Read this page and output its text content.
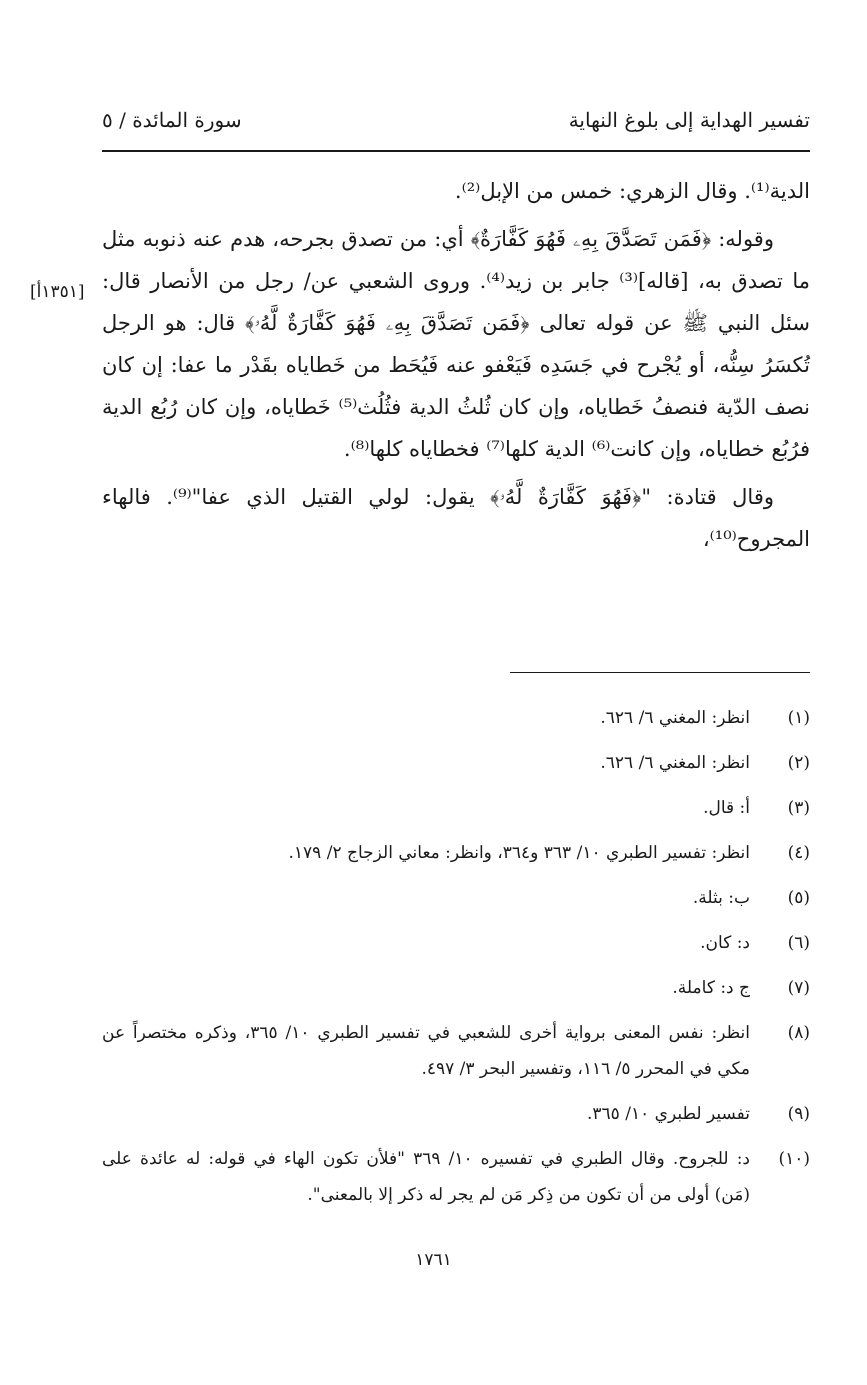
تفسير الهداية إلى بلوغ النهاية
سورة المائدة / ٥

الدية⁽¹⁾. وقال الزهري: خمس من الإبل⁽²⁾.

وقوله: ﴿فَمَن تَصَدَّقَ بِهِۦ فَهُوَ كَفَّارَةٌ﴾ أي: من تصدق بجرحه، هدم عنه ذنوبه مثل ما تصدق به، [قاله]⁽³⁾ جابر بن زيد⁽⁴⁾. وروى الشعبي عن/ رجل من الأنصار قال: سئل النبي ﷺ عن قوله تعالى ﴿فَمَن تَصَدَّقَ بِهِۦ فَهُوَ كَفَّارَةٌ لَّهُۥ﴾ قال: هو الرجل تُكسَرُ سِنُّه، أو يُجْرح في جَسَدِه فَيَعْفو عنه فَيُحَط من خَطاياه بقَدْر ما عفا: إن كان نصف الدّية فنصفُ خَطاياه، وإن كان ثُلثُ الدية فثُلُث⁽⁵⁾ خَطاياه، وإن كان رُبُع الدية فرُبُع خطاياه، وإن كانت⁽⁶⁾ الدية كلها⁽⁷⁾ فخطاياه كلها⁽⁸⁾.

وقال قتادة: "﴿فَهُوَ كَفَّارَةٌ لَّهُۥ﴾ يقول: لولي القتيل الذي عفا"⁽⁹⁾. فالهاء المجروح⁽¹⁰⁾،

[١٣٥١أ]
(١)
انظر: المغني ٦/ ٦٢٦.
(٢)
انظر: المغني ٦/ ٦٢٦.
(٣)
أ: قال.
(٤)
انظر: تفسير الطبري ١٠/ ٣٦٣ و٣٦٤، وانظر: معاني الزجاج ٢/ ١٧٩.
(٥)
ب: بثلة.
(٦)
د: كان.
(٧)
ج د: كاملة.
(٨)
انظر: نفس المعنى برواية أخرى للشعبي في تفسير الطبري ١٠/ ٣٦٥، وذكره مختصراً عن مكي في المحرر ٥/ ١١٦، وتفسير البحر ٣/ ٤٩٧.
(٩)
تفسير لطبري ١٠/ ٣٦٥.
(١٠)
د: للجروح. وقال الطبري في تفسيره ١٠/ ٣٦٩ "فلأن تكون الهاء في قوله: له عائدة على (مَن) أولى من أن تكون من ذِكر مَن لم يجر له ذكر إلا بالمعنى".
١٧٦١
